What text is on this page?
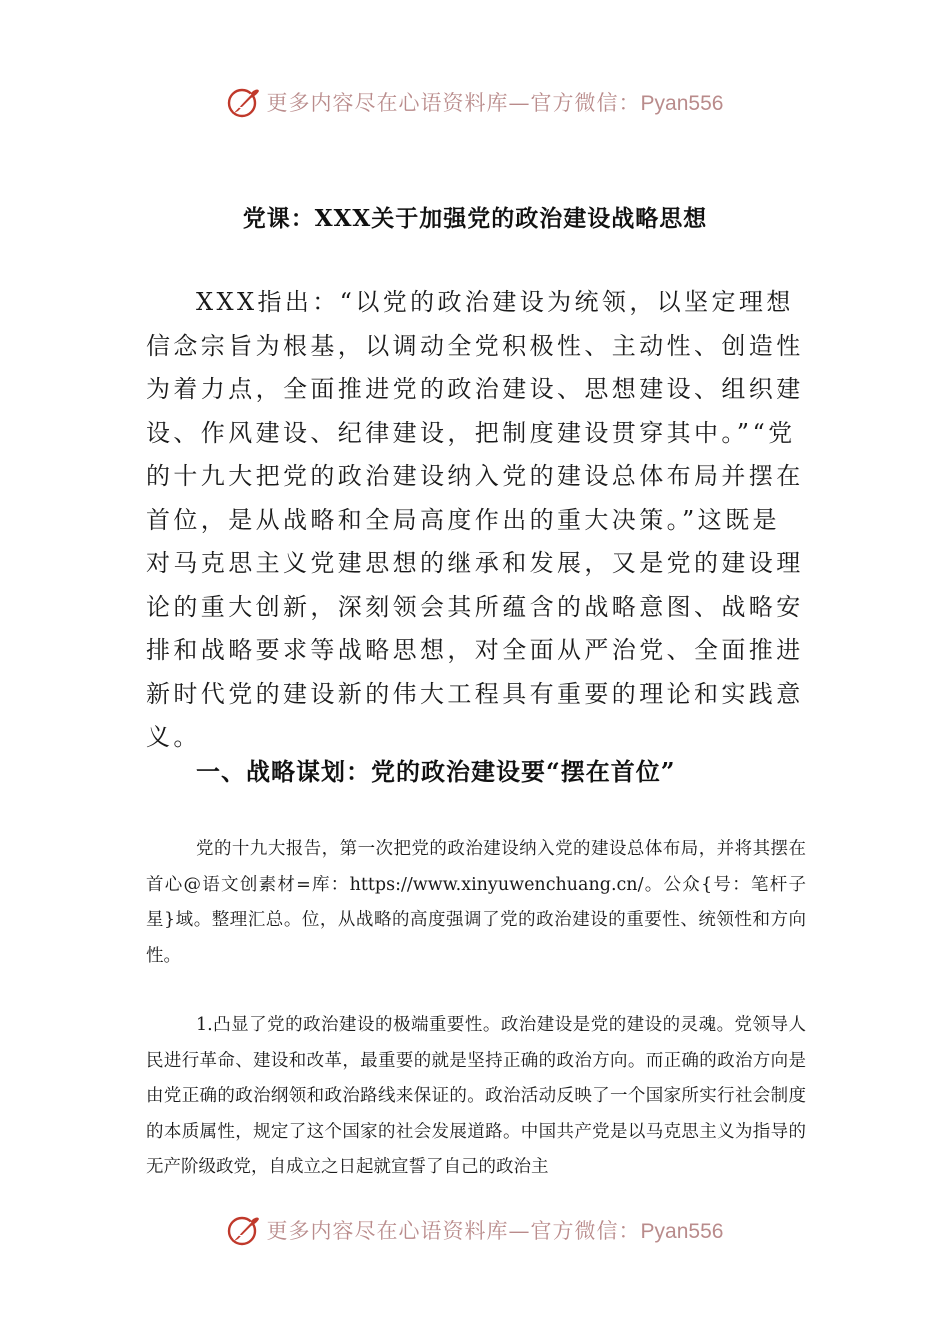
更多内容尽在心语资料库—官方微信：Pyan556
党课：XXX关于加强党的政治建设战略思想

XXX指出：“以党的政治建设为统领，以坚定理想信念宗旨为根基，以调动全党积极性、主动性、创造性为着力点，全面推进党的政治建设、思想建设、组织建设、作风建设、纪律建设，把制度建设贯穿其中。”“党的十九大把党的政治建设纳入党的建设总体布局并摆在首位，是从战略和全局高度作出的重大决策。”这既是对马克思主义党建思想的继承和发展，又是党的建设理论的重大创新，深刻领会其所蕴含的战略意图、战略安排和战略要求等战略思想，对全面从严治党、全面推进新时代党的建设新的伟大工程具有重要的理论和实践意义。

一、战略谋划：党的政治建设要“摆在首位”

党的十九大报告，第一次把党的政治建设纳入党的建设总体布局，并将其摆在首心@语文创素材=库：https://www.xinyuwenchuang.cn/。公众{号：笔杆子星}域。整理汇总。位，从战略的高度强调了党的政治建设的重要性、统领性和方向性。

1.凸显了党的政治建设的极端重要性。政治建设是党的建设的灵魂。党领导人民进行革命、建设和改革，最重要的就是坚持正确的政治方向。而正确的政治方向是由党正确的政治纲领和政治路线来保证的。政治活动反映了一个国家所实行社会制度的本质属性，规定了这个国家的社会发展道路。中国共产党是以马克思主义为指导的无产阶级政党，自成立之日起就宣誓了自己的政治主

更多内容尽在心语资料库—官方微信：Pyan556
